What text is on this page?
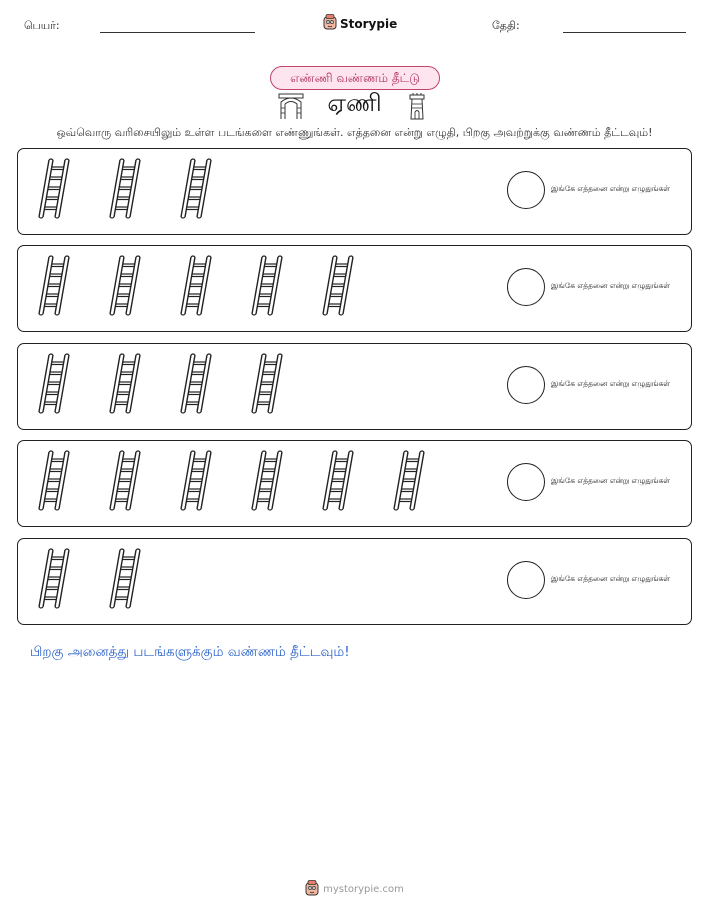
பெயர்:	Storypie	தேதி:
எண்ணி வண்ணம் தீட்டு
ஏணி
ஒவ்வொரு வரிசையிலும் உள்ள படங்களை எண்ணுங்கள். எத்தனை என்று எழுதி, பிறகு அவற்றுக்கு வண்ணம் தீட்டவும்!
இங்கே எத்தனை என்று எழுதுங்கள்
இங்கே எத்தனை என்று எழுதுங்கள்
இங்கே எத்தனை என்று எழுதுங்கள்
இங்கே எத்தனை என்று எழுதுங்கள்
இங்கே எத்தனை என்று எழுதுங்கள்
பிறகு அனைத்து படங்களுக்கும் வண்ணம் தீட்டவும்!
mystorypie.com
